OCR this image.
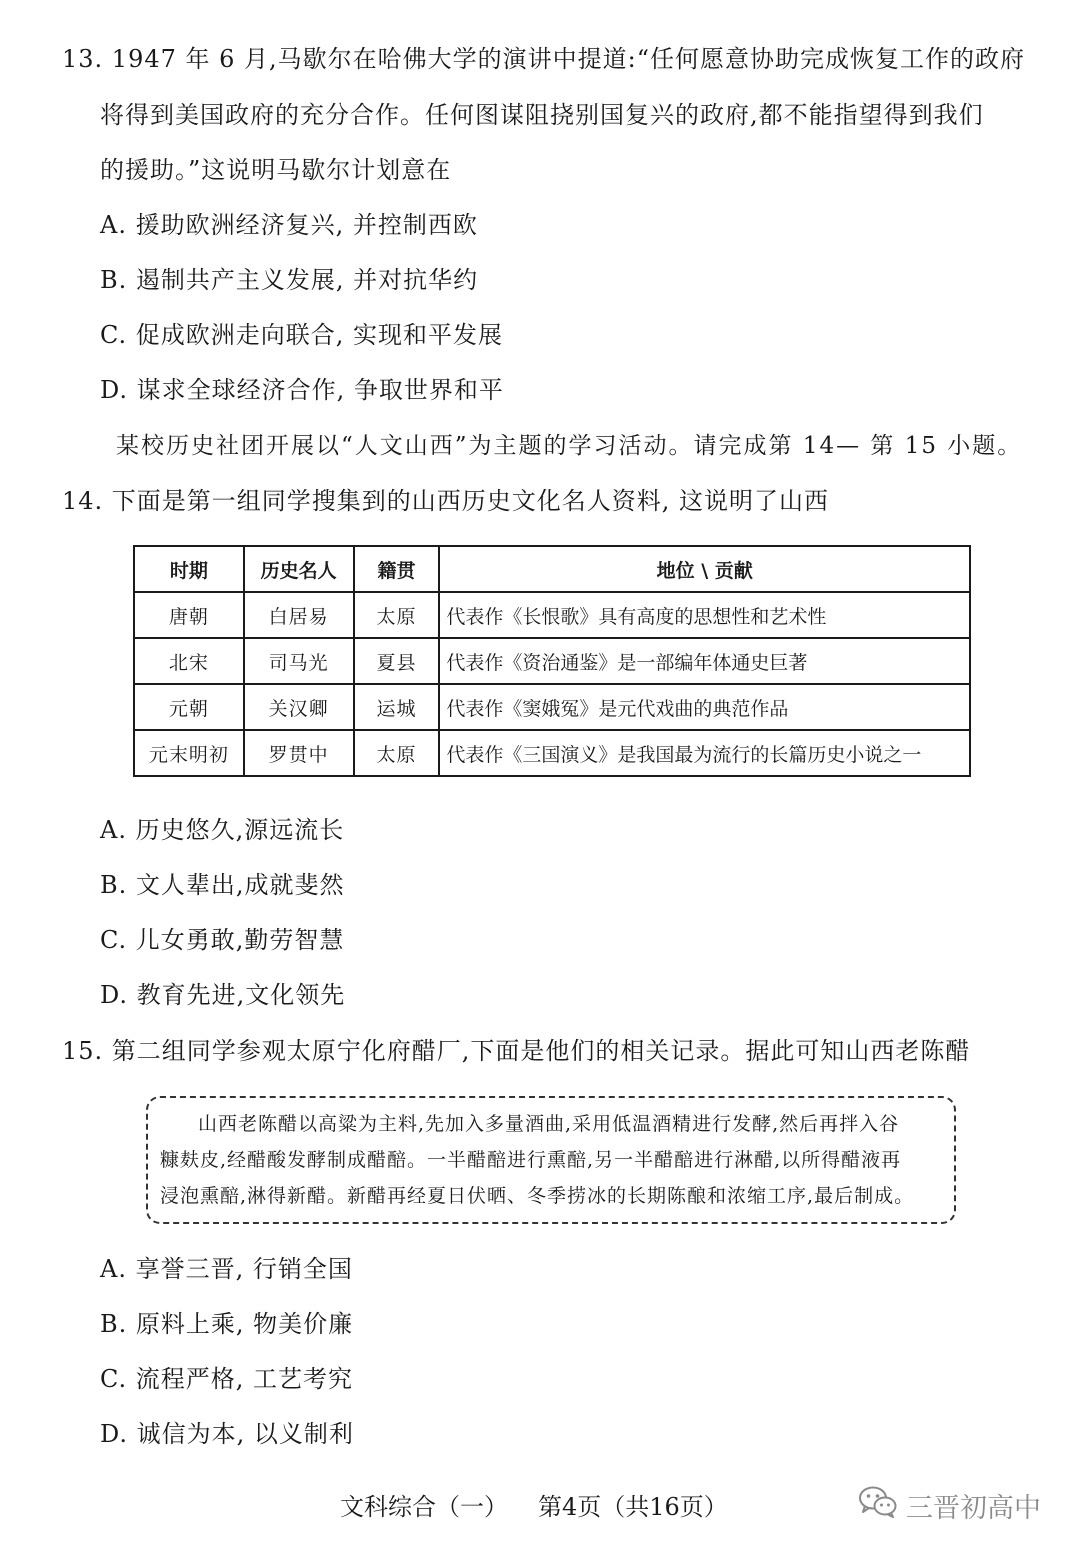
13. 1947 年 6 月,马歇尔在哈佛大学的演讲中提道:“任何愿意协助完成恢复工作的政府
将得到美国政府的充分合作。任何图谋阻挠别国复兴的政府,都不能指望得到我们
的援助。”这说明马歇尔计划意在
A. 援助欧洲经济复兴, 并控制西欧
B. 遏制共产主义发展, 并对抗华约
C. 促成欧洲走向联合, 实现和平发展
D. 谋求全球经济合作, 争取世界和平
某校历史社团开展以“人文山西”为主题的学习活动。请完成第 14— 第 15 小题。
14. 下面是第一组同学搜集到的山西历史文化名人资料, 这说明了山西
时期	历史名人	籍贯	地位 \ 贡献
唐朝	白居易	太原	代表作《长恨歌》具有高度的思想性和艺术性
北宋	司马光	夏县	代表作《资治通鉴》是一部编年体通史巨著
元朝	关汉卿	运城	代表作《窦娥冤》是元代戏曲的典范作品
元末明初	罗贯中	太原	代表作《三国演义》是我国最为流行的长篇历史小说之一
A. 历史悠久,源远流长
B. 文人辈出,成就斐然
C. 儿女勇敢,勤劳智慧
D. 教育先进,文化领先
15. 第二组同学参观太原宁化府醋厂,下面是他们的相关记录。据此可知山西老陈醋
山西老陈醋以高粱为主料,先加入多量酒曲,采用低温酒精进行发酵,然后再拌入谷
糠麸皮,经醋酸发酵制成醋醅。一半醋醅进行熏醅,另一半醋醅进行淋醋,以所得醋液再
浸泡熏醅,淋得新醋。新醋再经夏日伏晒、冬季捞冰的长期陈酿和浓缩工序,最后制成。
A. 享誉三晋, 行销全国
B. 原料上乘, 物美价廉
C. 流程严格, 工艺考究
D. 诚信为本, 以义制利
文科综合（一） 第4页（共16页）	三晋初高中
